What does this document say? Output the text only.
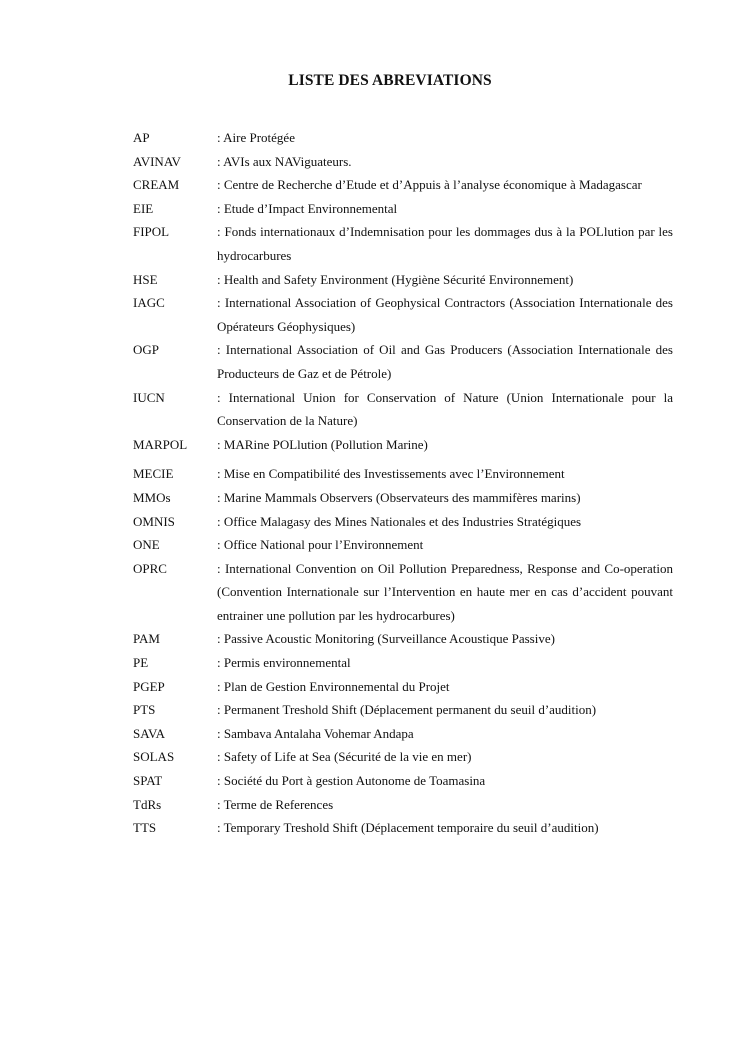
LISTE DES ABREVIATIONS
AP	: Aire Protégée
AVINAV	: AVIs aux NAViguateurs.
CREAM	: Centre de Recherche d’Etude et d’Appuis à l’analyse économique à Madagascar
EIE	: Etude d’Impact Environnemental
FIPOL	: Fonds internationaux d’Indemnisation pour les dommages dus à la POLlution par les hydrocarbures
HSE	: Health and Safety Environment (Hygiène Sécurité Environnement)
IAGC	: International Association of Geophysical Contractors (Association Internationale des Opérateurs Géophysiques)
OGP	: International Association of Oil and Gas Producers (Association Internationale des Producteurs de Gaz et de Pétrole)
IUCN	: International Union for Conservation of Nature (Union Internationale pour la Conservation de la Nature)
MARPOL	: MARine POLlution (Pollution Marine)
MECIE	: Mise en Compatibilité des Investissements avec l’Environnement
MMOs	: Marine Mammals Observers (Observateurs des mammifères marins)
OMNIS	: Office Malagasy des Mines Nationales et des Industries Stratégiques
ONE	: Office National pour l’Environnement
OPRC	: International Convention on Oil Pollution Preparedness, Response and Co-operation (Convention Internationale sur l’Intervention en haute mer en cas d’accident pouvant entrainer une pollution par les hydrocarbures)
PAM	: Passive Acoustic Monitoring (Surveillance Acoustique Passive)
PE	: Permis environnemental
PGEP	: Plan de Gestion Environnemental du Projet
PTS	: Permanent Treshold Shift (Déplacement permanent du seuil d’audition)
SAVA	: Sambava Antalaha Vohemar Andapa
SOLAS	: Safety of Life at Sea (Sécurité de la vie en mer)
SPAT	: Société du Port à gestion Autonome de Toamasina
TdRs	: Terme de References
TTS	: Temporary Treshold Shift (Déplacement temporaire du seuil d’audition)
